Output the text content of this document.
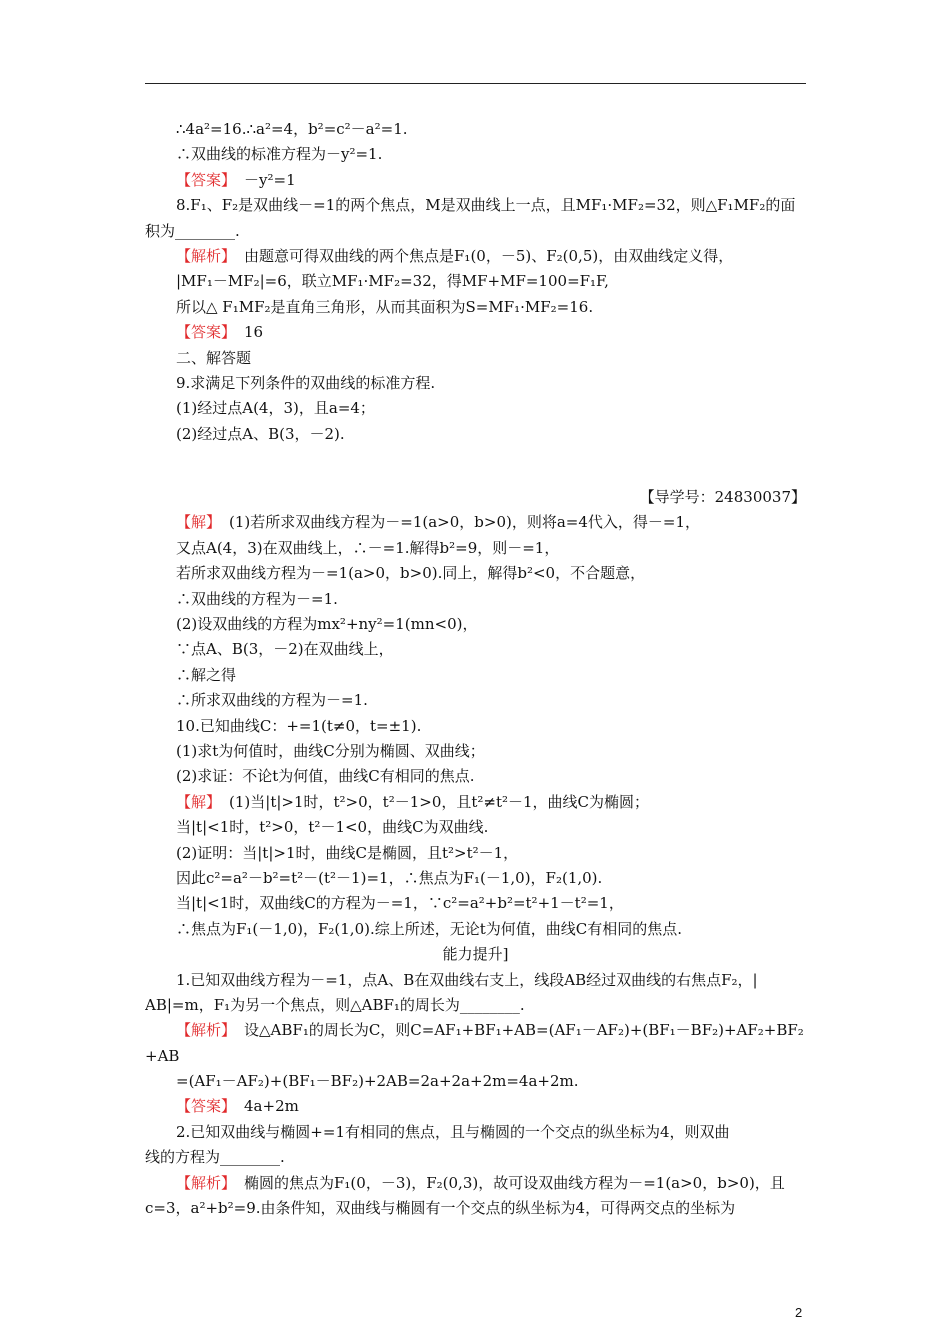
∴4a²=16.∴a²=4，b²=c²－a²=1.
∴双曲线的标准方程为－y²=1.
【答案】 －y²=1
8.F₁、F₂是双曲线－=1的两个焦点，M是双曲线上一点，且MF₁·MF₂=32，则△F₁MF₂的面
积为________.
【解析】 由题意可得双曲线的两个焦点是F₁(0，－5)、F₂(0,5)，由双曲线定义得，
|MF₁－MF₂|=6，联立MF₁·MF₂=32，得MF+MF=100=F₁F,
所以△ F₁MF₂是直角三角形，从而其面积为S=MF₁·MF₂=16.
【答案】 16
二、解答题
9.求满足下列条件的双曲线的标准方程.
(1)经过点A(4，3)，且a=4；
(2)经过点A、B(3，－2).
【导学号：24830037】
【解】 (1)若所求双曲线方程为－=1(a>0，b>0)，则将a=4代入，得－=1，
又点A(4，3)在双曲线上，∴－=1.解得b²=9，则－=1，
若所求双曲线方程为－=1(a>0，b>0).同上，解得b²<0，不合题意，
∴双曲线的方程为－=1.
(2)设双曲线的方程为mx²+ny²=1(mn<0)，
∵点A、B(3，－2)在双曲线上，
∴解之得
∴所求双曲线的方程为－=1.
10.已知曲线C：+=1(t≠0，t=±1).
(1)求t为何值时，曲线C分别为椭圆、双曲线；
(2)求证：不论t为何值，曲线C有相同的焦点.
【解】 (1)当|t|>1时，t²>0，t²－1>0，且t²≠t²－1，曲线C为椭圆；
当|t|<1时，t²>0，t²－1<0，曲线C为双曲线.
(2)证明：当|t|>1时，曲线C是椭圆，且t²>t²－1，
因此c²=a²－b²=t²－(t²－1)=1，∴焦点为F₁(－1,0)，F₂(1,0).
当|t|<1时，双曲线C的方程为－=1，∵c²=a²+b²=t²+1－t²=1，
∴焦点为F₁(－1,0)，F₂(1,0).综上所述，无论t为何值，曲线C有相同的焦点.
能力提升]
1.已知双曲线方程为－=1，点A、B在双曲线右支上，线段AB经过双曲线的右焦点F₂，|
AB|=m，F₁为另一个焦点，则△ABF₁的周长为________.
【解析】 设△ABF₁的周长为C，则C=AF₁+BF₁+AB=(AF₁－AF₂)+(BF₁－BF₂)+AF₂+BF₂
+AB
=(AF₁－AF₂)+(BF₁－BF₂)+2AB=2a+2a+2m=4a+2m.
【答案】 4a+2m
2.已知双曲线与椭圆+=1有相同的焦点，且与椭圆的一个交点的纵坐标为4，则双曲
线的方程为________.
【解析】 椭圆的焦点为F₁(0，－3)，F₂(0,3)，故可设双曲线方程为－=1(a>0，b>0)，且
c=3，a²+b²=9.由条件知，双曲线与椭圆有一个交点的纵坐标为4，可得两交点的坐标为
2
